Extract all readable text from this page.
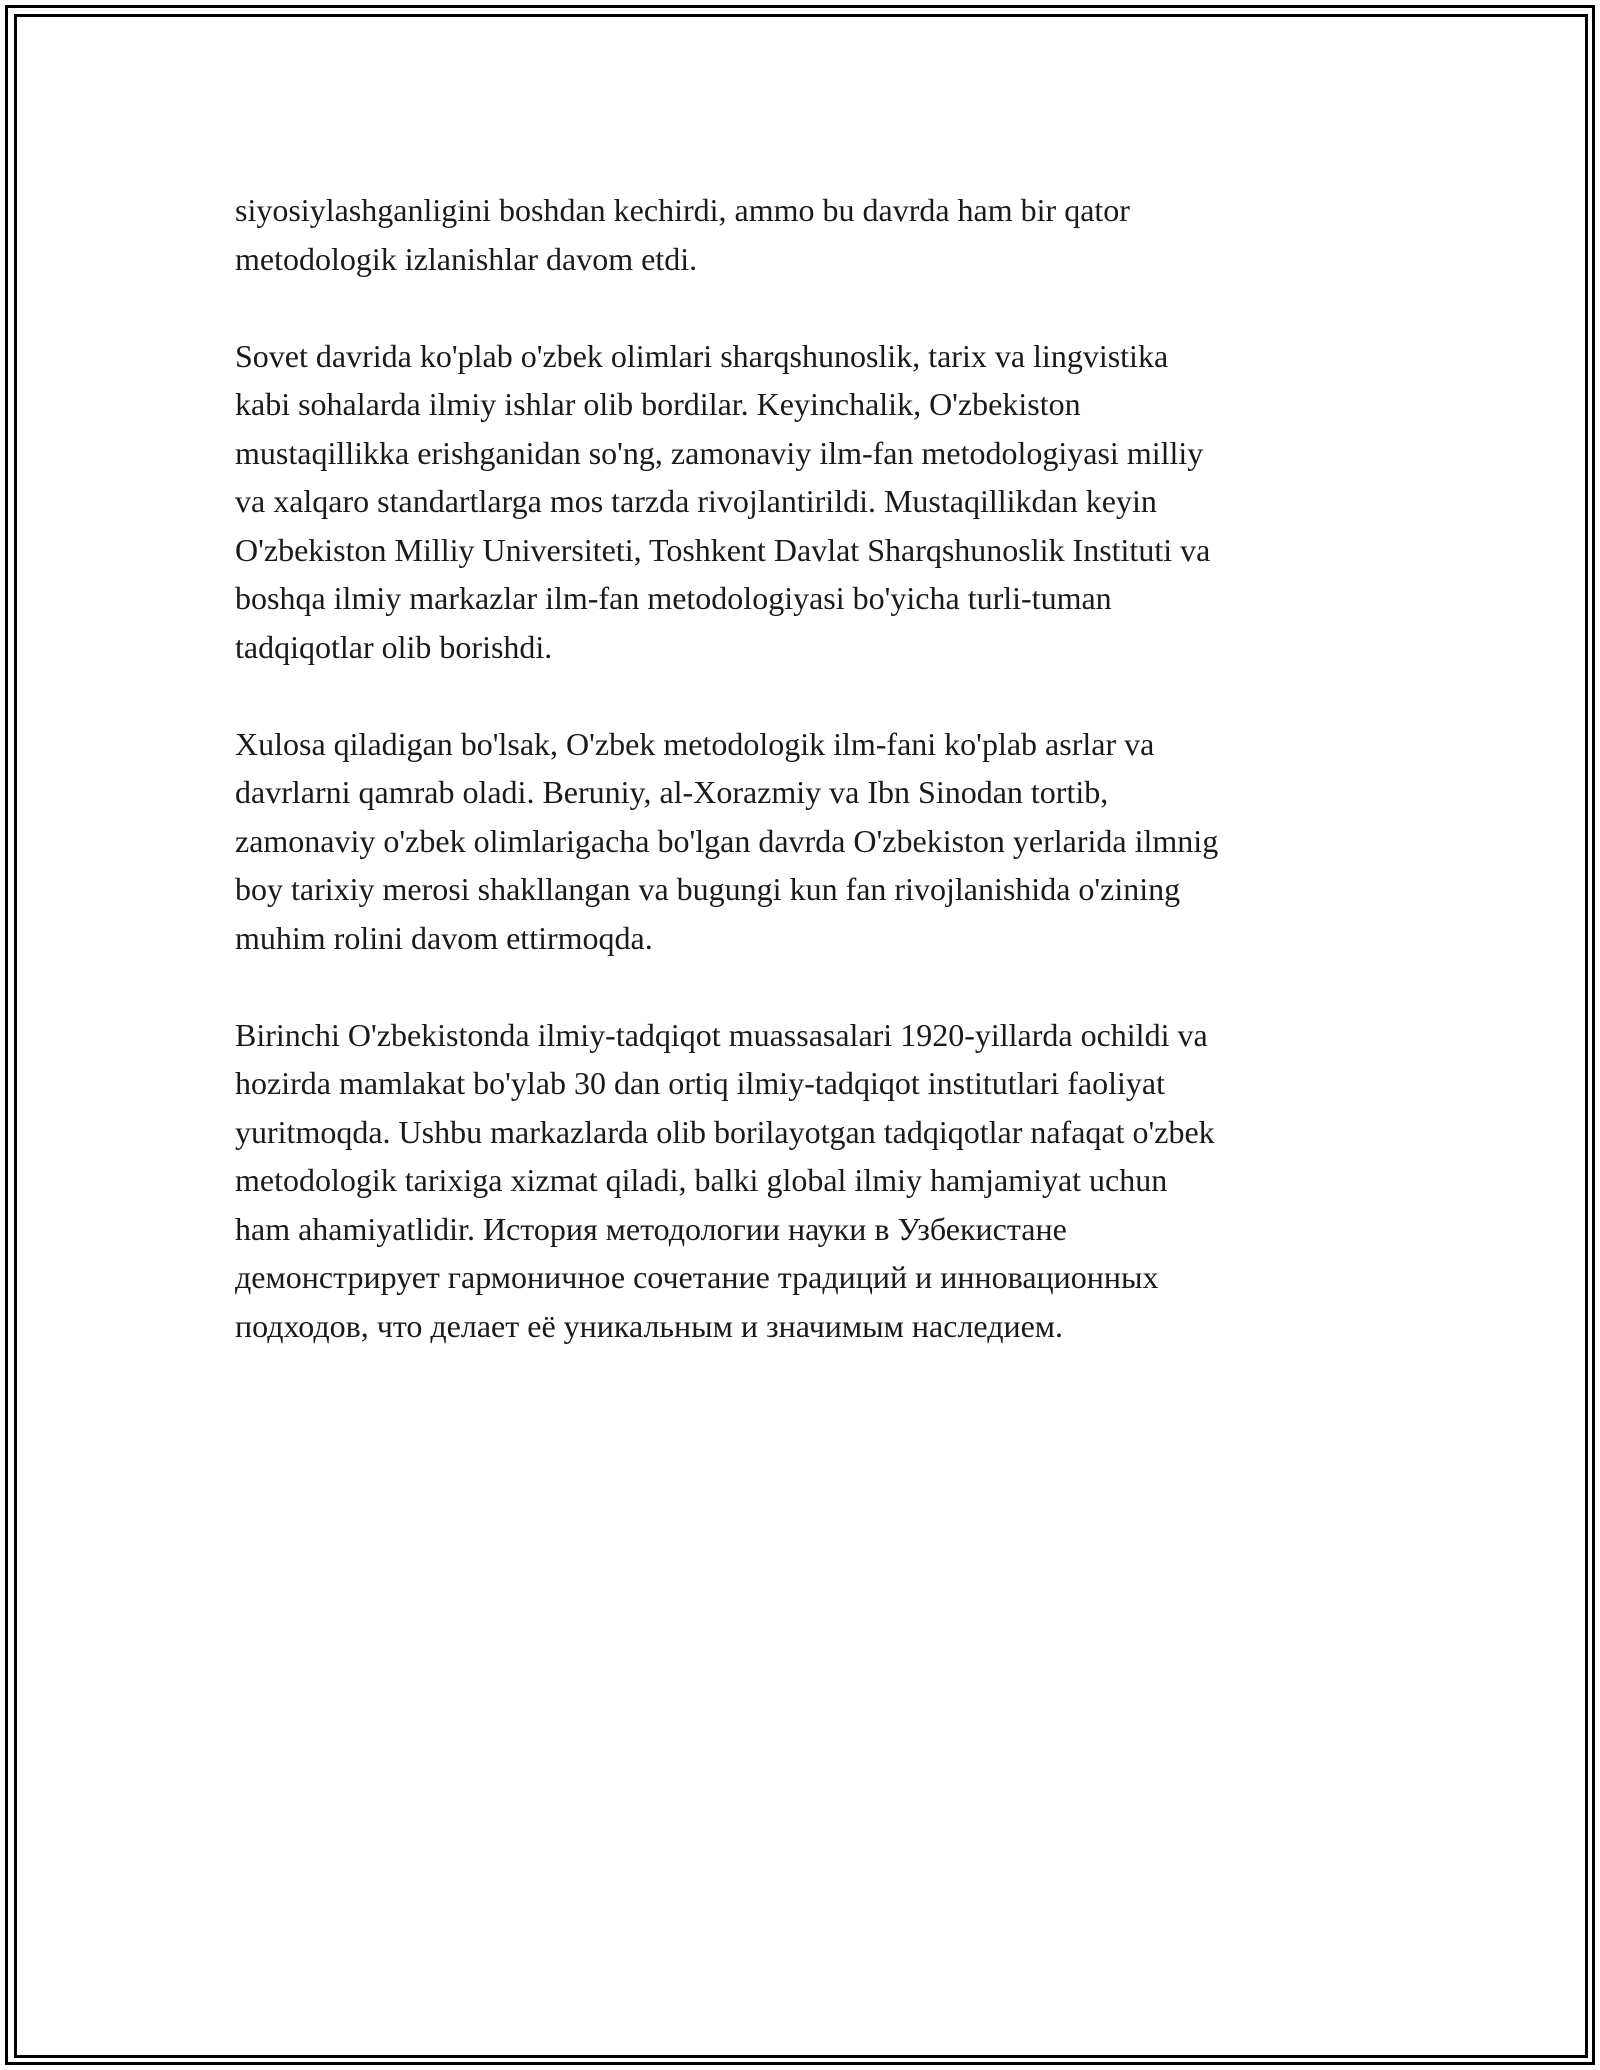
siyosiylashganligini boshdan kechirdi, ammo bu davrda ham bir qator
metodologik izlanishlar davom etdi.

Sovet davrida ko'plab o'zbek olimlari sharqshunoslik, tarix va lingvistika
kabi sohalarda ilmiy ishlar olib bordilar. Keyinchalik, O'zbekiston
mustaqillikka erishganidan so'ng, zamonaviy ilm-fan metodologiyasi milliy
va xalqaro standartlarga mos tarzda rivojlantirildi. Mustaqillikdan keyin
O'zbekiston Milliy Universiteti, Toshkent Davlat Sharqshunoslik Instituti va
boshqa ilmiy markazlar ilm-fan metodologiyasi bo'yicha turli-tuman
tadqiqotlar olib borishdi.

Xulosa qiladigan bo'lsak, O'zbek metodologik ilm-fani ko'plab asrlar va
davrlarni qamrab oladi. Beruniy, al-Xorazmiy va Ibn Sinodan tortib,
zamonaviy o'zbek olimlarigacha bo'lgan davrda O'zbekiston yerlarida ilmnig
boy tarixiy merosi shakllangan va bugungi kun fan rivojlanishida o'zining
muhim rolini davom ettirmoqda.

Birinchi O'zbekistonda ilmiy-tadqiqot muassasalari 1920-yillarda ochildi va
hozirda mamlakat bo'ylab 30 dan ortiq ilmiy-tadqiqot institutlari faoliyat
yuritmoqda. Ushbu markazlarda olib borilayotgan tadqiqotlar nafaqat o'zbek
metodologik tarixiga xizmat qiladi, balki global ilmiy hamjamiyat uchun
ham ahamiyatlidir. История методологии науки в Узбекистане
демонстрирует гармоничное сочетание традиций и инновационных
подходов, что делает её уникальным и значимым наследием.
